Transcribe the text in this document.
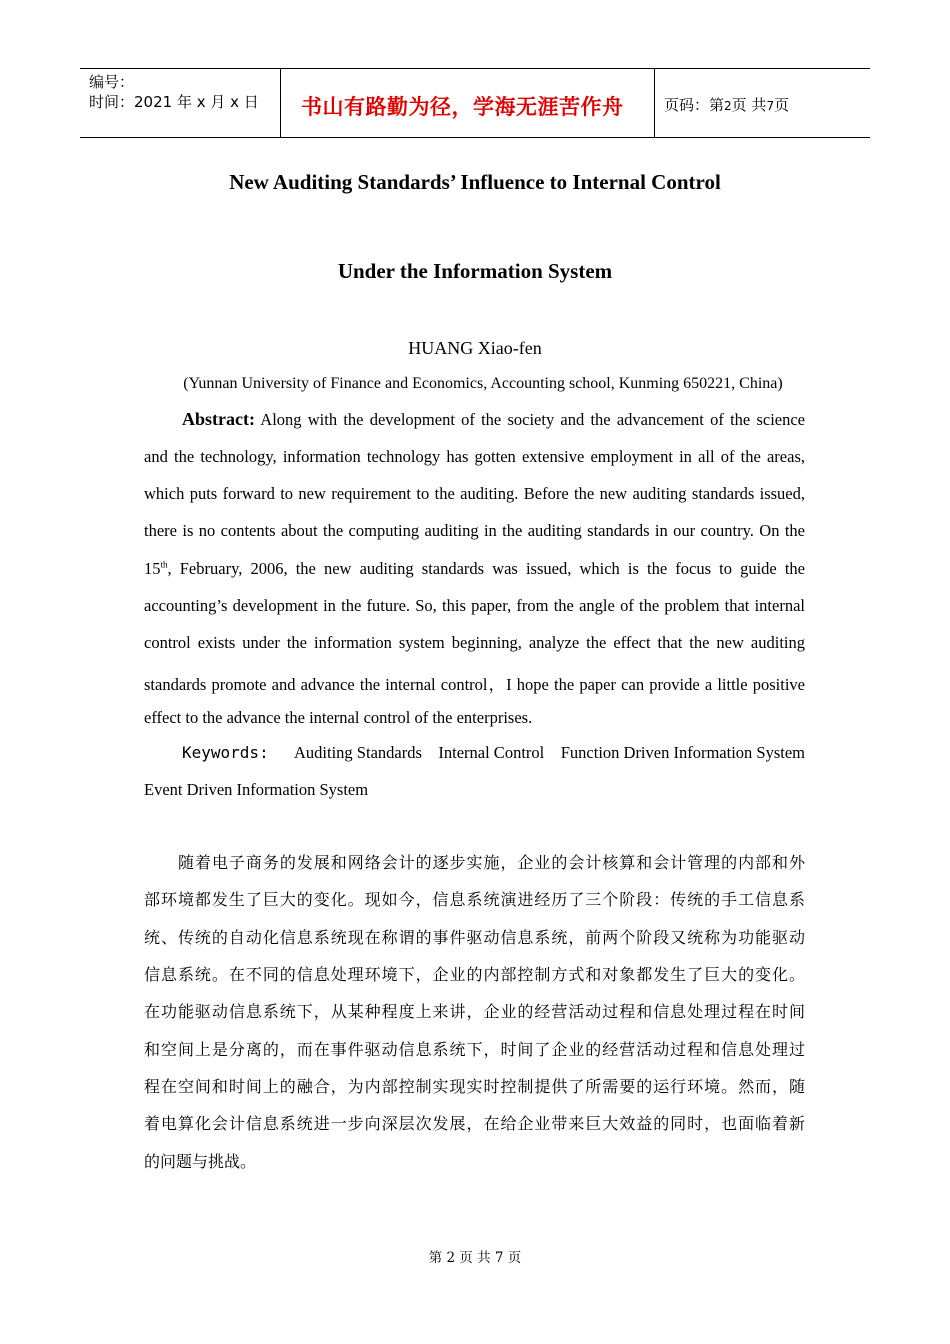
编号：
时间：2021 年 x 月 x 日 书山有路勤为径，学海无涯苦作舟	页码：第2页 共7页
New Auditing Standards’ Influence to Internal Control
Under the Information System
HUANG Xiao-fen
(Yunnan University of Finance and Economics, Accounting school, Kunming 650221, China)
Abstract: Along with the development of the society and the advancement of the science
and the technology, information technology has gotten extensive employment in all of the areas,
which puts forward to new requirement to the auditing. Before the new auditing standards issued,
there is no contents about the computing auditing in the auditing standards in our country. On the
15th, February, 2006, the new auditing standards was issued, which is the focus to guide the
accounting’s development in the future. So, this paper, from the angle of the problem that internal
control exists under the information system beginning, analyze the effect that the new auditing
standards promote and advance the internal control，I hope the paper can provide a little positive
effect to the advance the internal control of the enterprises.
Keywords: Auditing Standards    Internal Control    Function Driven Information System
Event Driven Information System
随着电子商务的发展和网络会计的逐步实施，企业的会计核算和会计管理的内部和外
部环境都发生了巨大的变化。现如今，信息系统演进经历了三个阶段：传统的手工信息系
统、传统的自动化信息系统现在称谓的事件驱动信息系统，前两个阶段又统称为功能驱动
信息系统。在不同的信息处理环境下，企业的内部控制方式和对象都发生了巨大的变化。
在功能驱动信息系统下，从某种程度上来讲，企业的经营活动过程和信息处理过程在时间
和空间上是分离的，而在事件驱动信息系统下，时间了企业的经营活动过程和信息处理过
程在空间和时间上的融合，为内部控制实现实时控制提供了所需要的运行环境。然而，随
着电算化会计信息系统进一步向深层次发展，在给企业带来巨大效益的同时，也面临着新
的问题与挑战。
第 2 页 共 7 页
